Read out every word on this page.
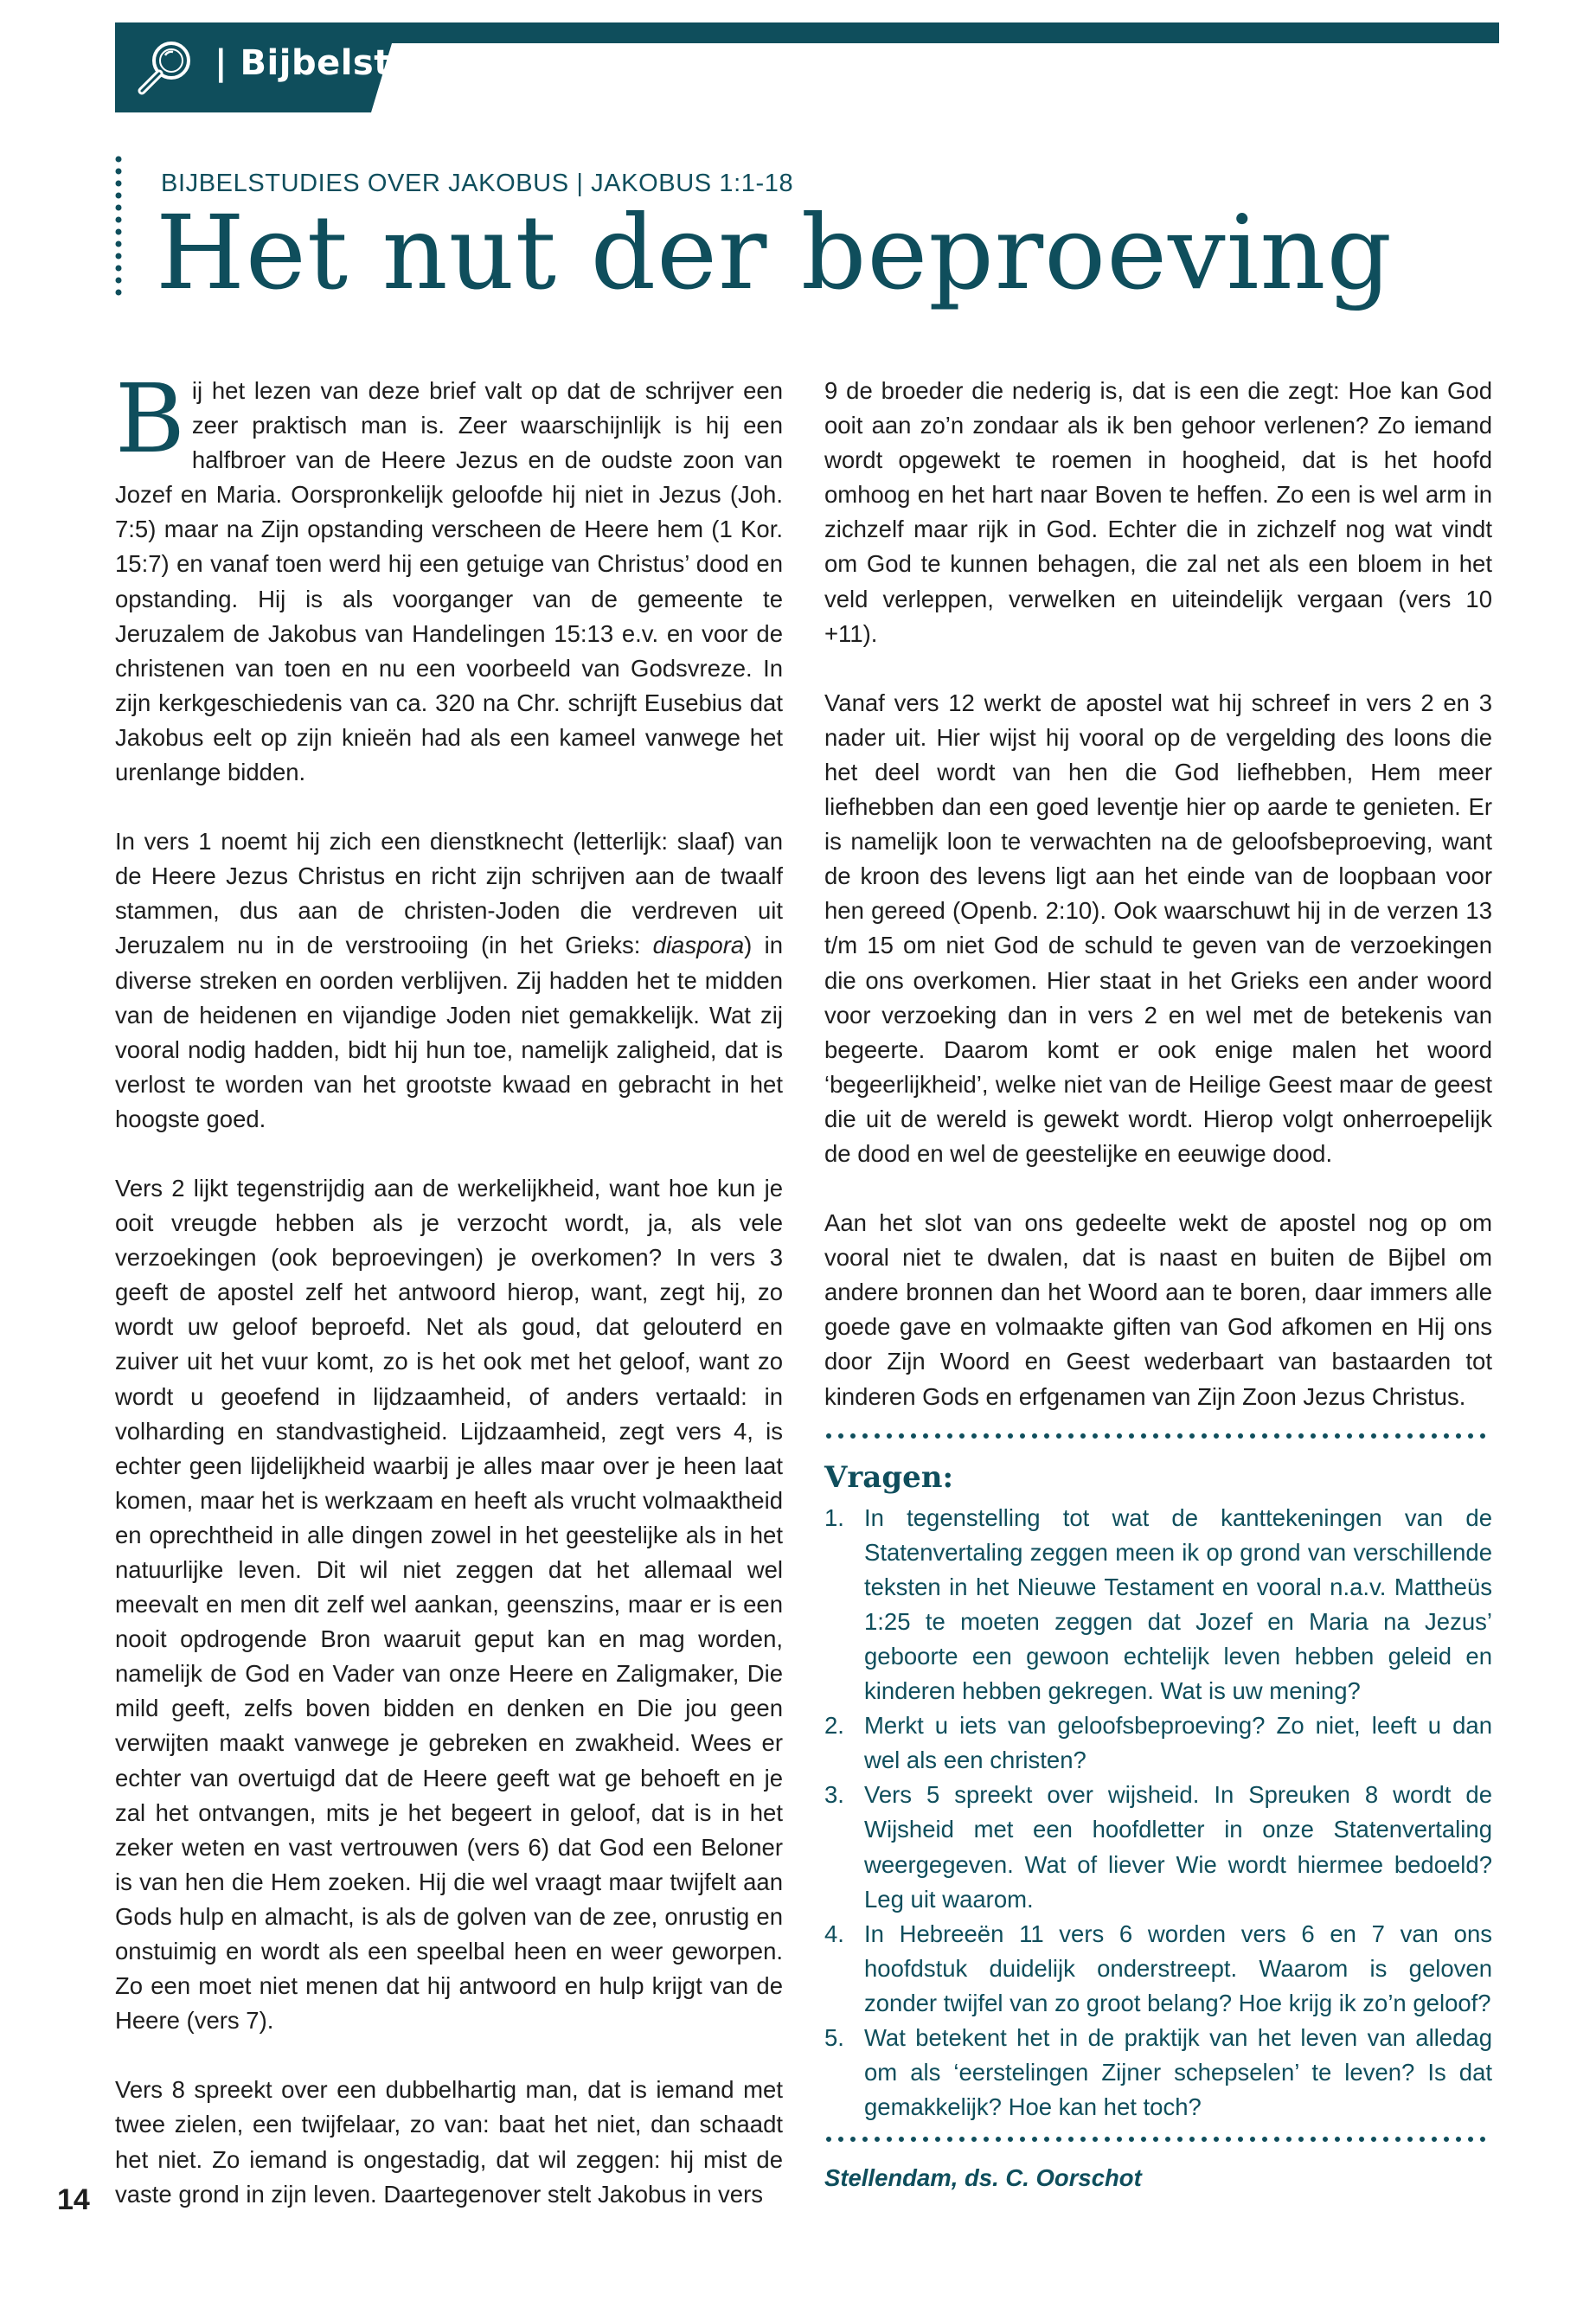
| Bijbelstudie
BIJBELSTUDIES OVER JAKOBUS | JAKOBUS 1:1-18
Het nut der beproeving

Bij het lezen van deze brief valt op dat de schrijver een zeer praktisch man is. Zeer waarschijnlijk is hij een halfbroer van de Heere Jezus en de oudste zoon van Jozef en Maria. Oorspronkelijk geloofde hij niet in Jezus (Joh. 7:5) maar na Zijn opstanding verscheen de Heere hem (1 Kor. 15:7) en vanaf toen werd hij een getuige van Christus’ dood en opstanding. Hij is als voorganger van de gemeente te Jeruzalem de Jakobus van Handelingen 15:13 e.v. en voor de christenen van toen en nu een voorbeeld van Godsvreze. In zijn kerkgeschiedenis van ca. 320 na Chr. schrijft Eusebius dat Jakobus eelt op zijn knieën had als een kameel vanwege het urenlange bidden.

In vers 1 noemt hij zich een dienstknecht (letterlijk: slaaf) van de Heere Jezus Christus en richt zijn schrijven aan de twaalf stammen, dus aan de christen-Joden die verdreven uit Jeruzalem nu in de verstrooiing (in het Grieks: diaspora) in diverse streken en oorden verblijven. Zij hadden het te midden van de heidenen en vijandige Joden niet gemakkelijk. Wat zij vooral nodig hadden, bidt hij hun toe, namelijk zaligheid, dat is verlost te worden van het grootste kwaad en gebracht in het hoogste goed.

Vers 2 lijkt tegenstrijdig aan de werkelijkheid, want hoe kun je ooit vreugde hebben als je verzocht wordt, ja, als vele verzoekingen (ook beproevingen) je overkomen? In vers 3 geeft de apostel zelf het antwoord hierop, want, zegt hij, zo wordt uw geloof beproefd. Net als goud, dat gelouterd en zuiver uit het vuur komt, zo is het ook met het geloof, want zo wordt u geoefend in lijdzaamheid, of anders vertaald: in volharding en standvastigheid. Lijdzaamheid, zegt vers 4, is echter geen lijdelijkheid waarbij je alles maar over je heen laat komen, maar het is werkzaam en heeft als vrucht volmaaktheid en oprechtheid in alle dingen zowel in het geestelijke als in het natuurlijke leven. Dit wil niet zeggen dat het allemaal wel meevalt en men dit zelf wel aankan, geenszins, maar er is een nooit opdrogende Bron waaruit geput kan en mag worden, namelijk de God en Vader van onze Heere en Zaligmaker, Die mild geeft, zelfs boven bidden en denken en Die jou geen verwijten maakt vanwege je gebreken en zwakheid. Wees er echter van overtuigd dat de Heere geeft wat ge behoeft en je zal het ontvangen, mits je het begeert in geloof, dat is in het zeker weten en vast vertrouwen (vers 6) dat God een Beloner is van hen die Hem zoeken. Hij die wel vraagt maar twijfelt aan Gods hulp en almacht, is als de golven van de zee, onrustig en onstuimig en wordt als een speelbal heen en weer geworpen. Zo een moet niet menen dat hij antwoord en hulp krijgt van de Heere (vers 7).

Vers 8 spreekt over een dubbelhartig man, dat is iemand met twee zielen, een twijfelaar, zo van: baat het niet, dan schaadt het niet. Zo iemand is ongestadig, dat wil zeggen: hij mist de vaste grond in zijn leven. Daartegenover stelt Jakobus in vers

9 de broeder die nederig is, dat is een die zegt: Hoe kan God ooit aan zo’n zondaar als ik ben gehoor verlenen? Zo iemand wordt opgewekt te roemen in hoogheid, dat is het hoofd omhoog en het hart naar Boven te heffen. Zo een is wel arm in zichzelf maar rijk in God. Echter die in zichzelf nog wat vindt om God te kunnen behagen, die zal net als een bloem in het veld verleppen, verwelken en uiteindelijk vergaan (vers 10 +11).

Vanaf vers 12 werkt de apostel wat hij schreef in vers 2 en 3 nader uit. Hier wijst hij vooral op de vergelding des loons die het deel wordt van hen die God liefhebben, Hem meer liefhebben dan een goed leventje hier op aarde te genieten. Er is namelijk loon te verwachten na de geloofsbeproeving, want de kroon des levens ligt aan het einde van de loopbaan voor hen gereed (Openb. 2:10). Ook waarschuwt hij in de verzen 13 t/m 15 om niet God de schuld te geven van de verzoekingen die ons overkomen. Hier staat in het Grieks een ander woord voor verzoeking dan in vers 2 en wel met de betekenis van begeerte. Daarom komt er ook enige malen het woord ‘begeerlijkheid’, welke niet van de Heilige Geest maar de geest die uit de wereld is gewekt wordt. Hierop volgt onherroepelijk de dood en wel de geestelijke en eeuwige dood.

Aan het slot van ons gedeelte wekt de apostel nog op om vooral niet te dwalen, dat is naast en buiten de Bijbel om andere bronnen dan het Woord aan te boren, daar immers alle goede gave en volmaakte giften van God afkomen en Hij ons door Zijn Woord en Geest wederbaart van bastaarden tot kinderen Gods en erfgenamen van Zijn Zoon Jezus Christus.

Vragen:
1. In tegenstelling tot wat de kanttekeningen van de Statenvertaling zeggen meen ik op grond van verschillende teksten in het Nieuwe Testament en vooral n.a.v. Mattheüs 1:25 te moeten zeggen dat Jozef en Maria na Jezus’ geboorte een gewoon echtelijk leven hebben geleid en kinderen hebben gekregen. Wat is uw mening?
2. Merkt u iets van geloofsbeproeving? Zo niet, leeft u dan wel als een christen?
3. Vers 5 spreekt over wijsheid. In Spreuken 8 wordt de Wijsheid met een hoofdletter in onze Statenvertaling weergegeven. Wat of liever Wie wordt hiermee bedoeld? Leg uit waarom.
4. In Hebreeën 11 vers 6 worden vers 6 en 7 van ons hoofdstuk duidelijk onderstreept. Waarom is geloven zonder twijfel van zo groot belang? Hoe krijg ik zo’n geloof?
5. Wat betekent het in de praktijk van het leven van alledag om als ‘eerstelingen Zijner schepselen’ te leven? Is dat gemakkelijk? Hoe kan het toch?
Stellendam, ds. C. Oorschot
14
